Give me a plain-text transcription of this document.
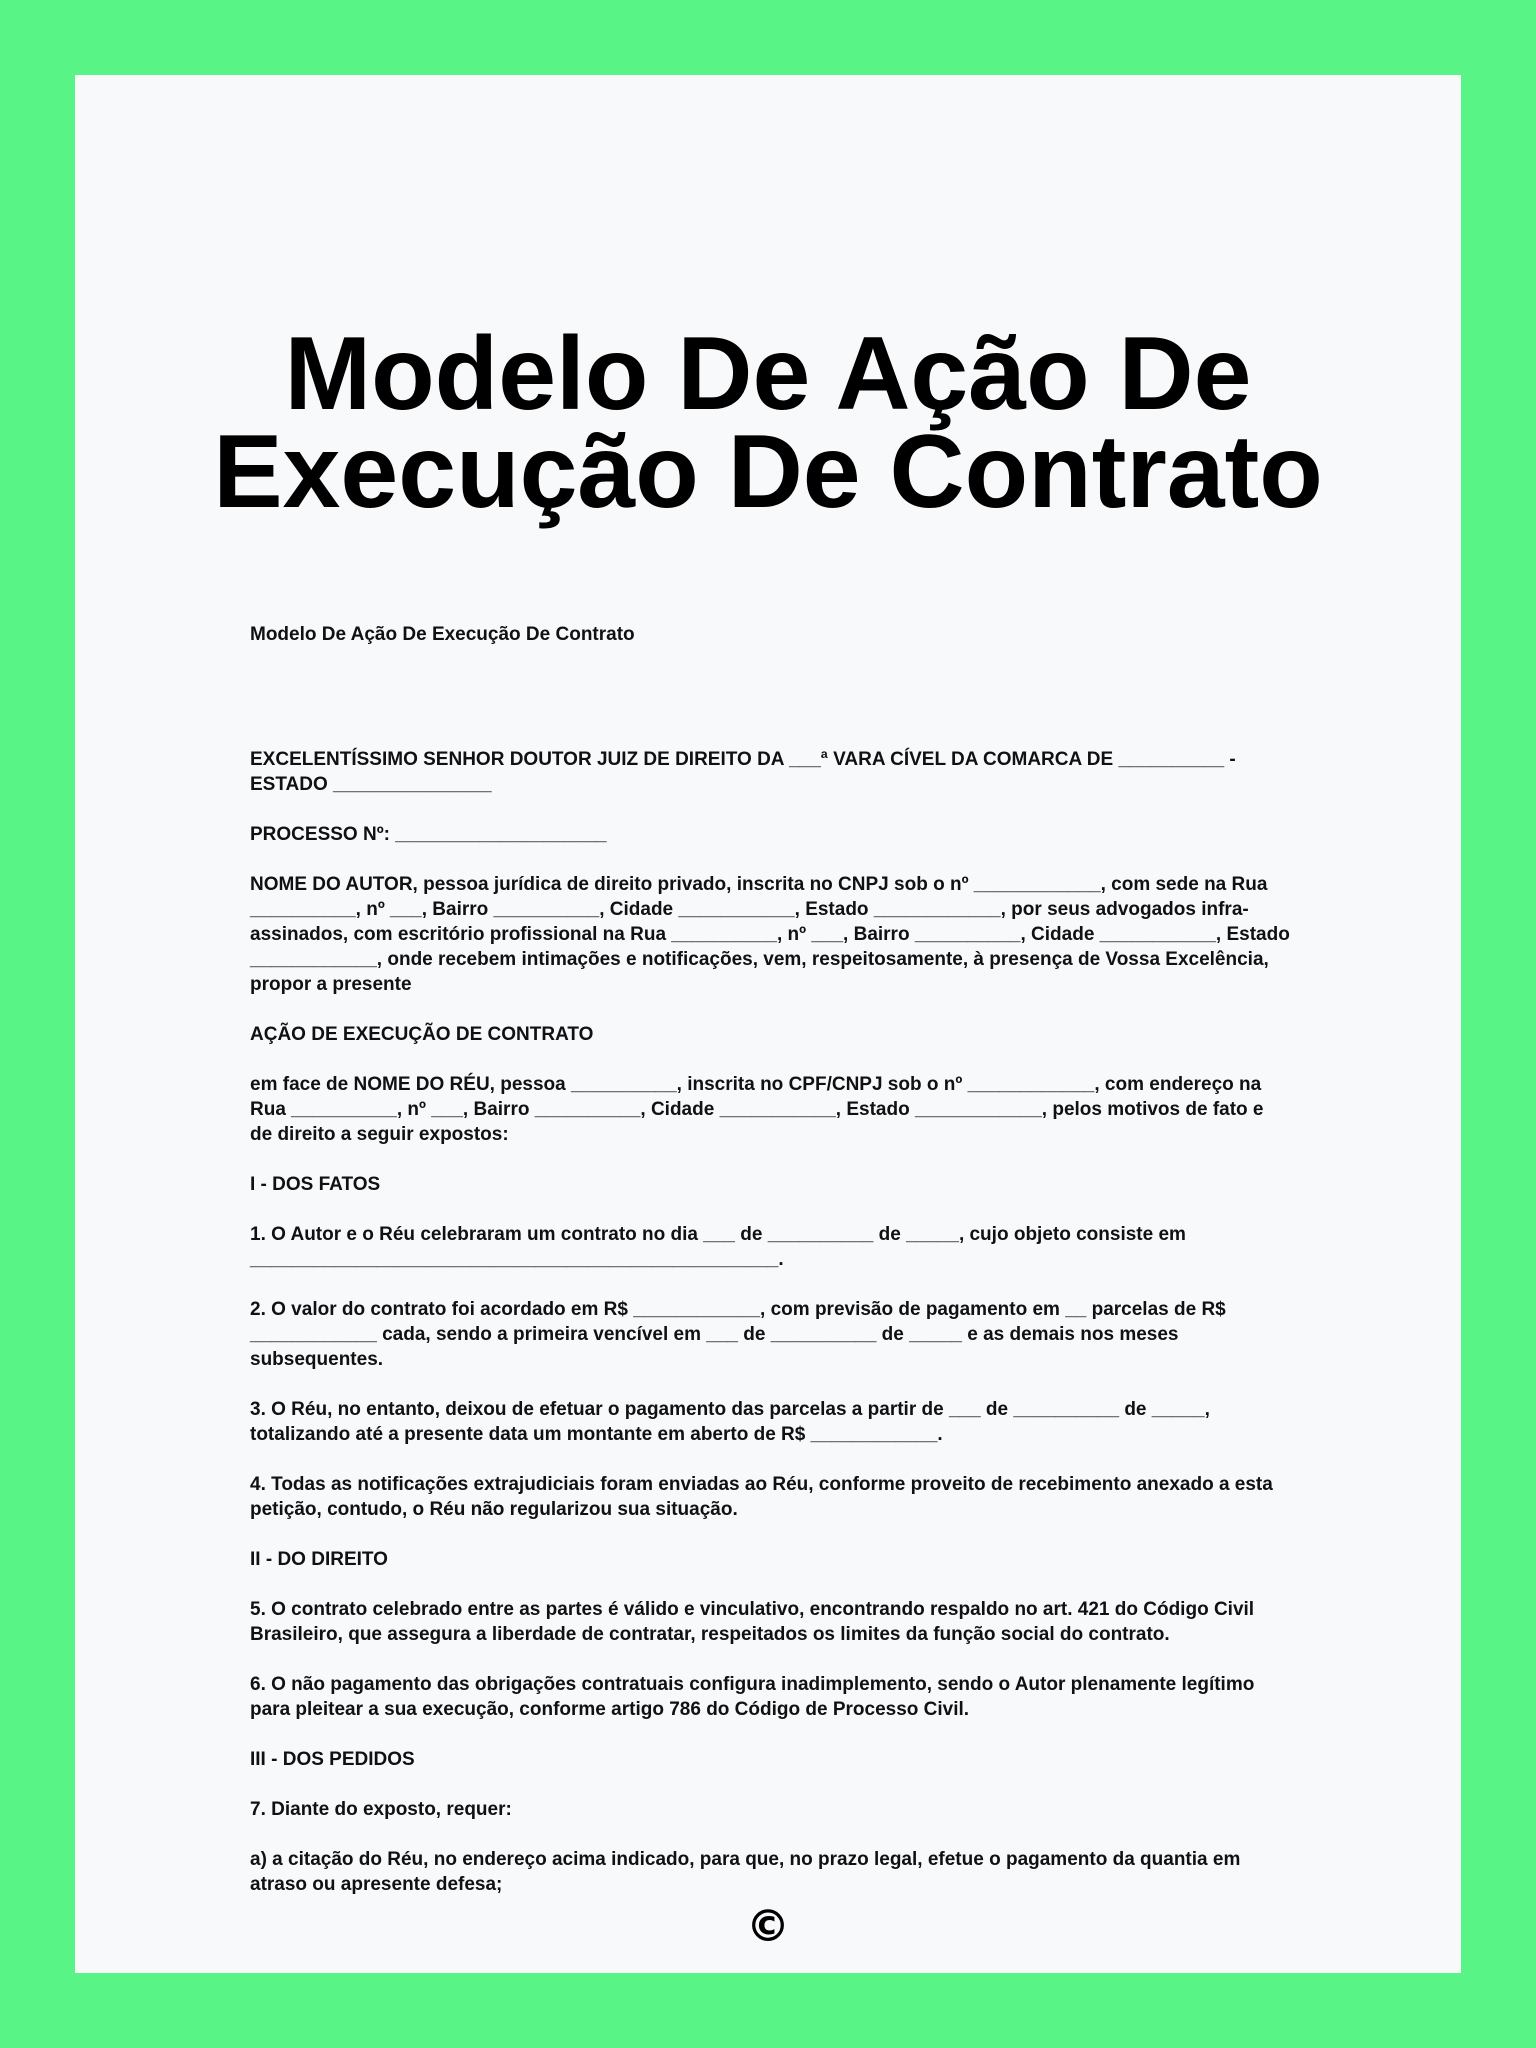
Modelo De Ação De Execução De Contrato

Modelo De Ação De Execução De Contrato

EXCELENTÍSSIMO SENHOR DOUTOR JUIZ DE DIREITO DA ___ª VARA CÍVEL DA COMARCA DE __________ - ESTADO _______________

PROCESSO Nº: ____________________

NOME DO AUTOR, pessoa jurídica de direito privado, inscrita no CNPJ sob o nº ____________, com sede na Rua __________, nº ___, Bairro __________, Cidade ___________, Estado ____________, por seus advogados infra-assinados, com escritório profissional na Rua __________, nº ___, Bairro __________, Cidade ___________, Estado ____________, onde recebem intimações e notificações, vem, respeitosamente, à presença de Vossa Excelência, propor a presente

AÇÃO DE EXECUÇÃO DE CONTRATO

em face de NOME DO RÉU, pessoa __________, inscrita no CPF/CNPJ sob o nº ____________, com endereço na Rua __________, nº ___, Bairro __________, Cidade ___________, Estado ____________, pelos motivos de fato e de direito a seguir expostos:

I - DOS FATOS

1. O Autor e o Réu celebraram um contrato no dia ___ de __________ de _____, cujo objeto consiste em __________________________________________________.

2. O valor do contrato foi acordado em R$ ____________, com previsão de pagamento em __ parcelas de R$ ____________ cada, sendo a primeira vencível em ___ de __________ de _____ e as demais nos meses subsequentes.

3. O Réu, no entanto, deixou de efetuar o pagamento das parcelas a partir de ___ de __________ de _____, totalizando até a presente data um montante em aberto de R$ ____________.

4. Todas as notificações extrajudiciais foram enviadas ao Réu, conforme proveito de recebimento anexado a esta petição, contudo, o Réu não regularizou sua situação.

II - DO DIREITO

5. O contrato celebrado entre as partes é válido e vinculativo, encontrando respaldo no art. 421 do Código Civil Brasileiro, que assegura a liberdade de contratar, respeitados os limites da função social do contrato.

6. O não pagamento das obrigações contratuais configura inadimplemento, sendo o Autor plenamente legítimo para pleitear a sua execução, conforme artigo 786 do Código de Processo Civil.

III - DOS PEDIDOS

7. Diante do exposto, requer:

a) a citação do Réu, no endereço acima indicado, para que, no prazo legal, efetue o pagamento da quantia em atraso ou apresente defesa;

©
